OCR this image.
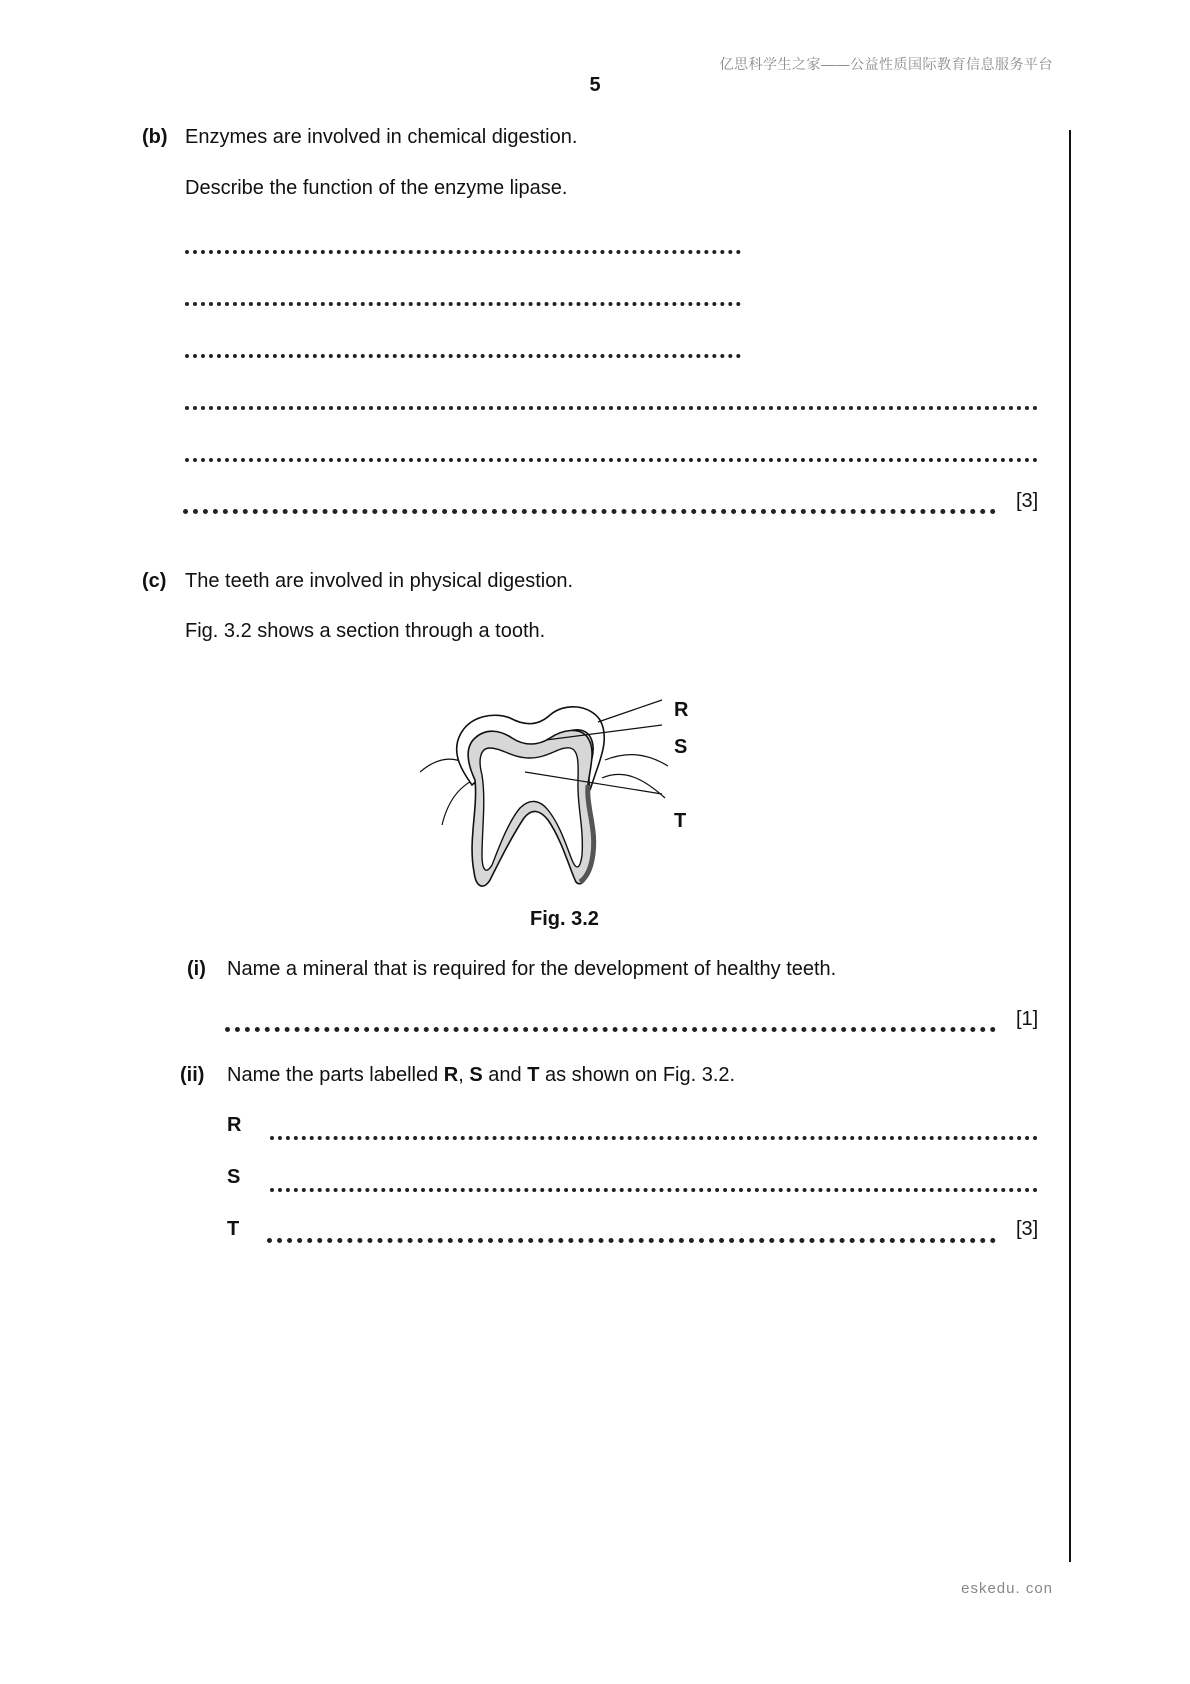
亿思科学生之家——公益性质国际教育信息服务平台
5
(b) Enzymes are involved in chemical digestion.
Describe the function of the enzyme lipase.
[3]
(c) The teeth are involved in physical digestion.
Fig. 3.2 shows a section through a tooth.
R
S
T
Fig. 3.2
(i) Name a mineral that is required for the development of healthy teeth.
[1]
(ii) Name the parts labelled R, S and T as shown on Fig. 3.2.
R
S
T	[3]
eskedu. con
